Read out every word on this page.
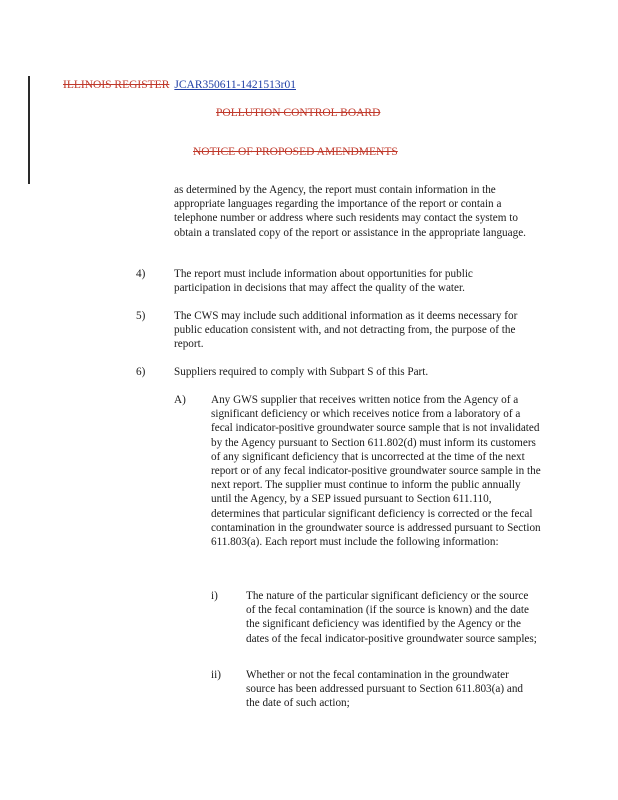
ILLINOIS REGISTER JCAR350611-1421513r01
POLLUTION CONTROL BOARD
NOTICE OF PROPOSED AMENDMENTS
as determined by the Agency, the report must contain information in the appropriate languages regarding the importance of the report or contain a telephone number or address where such residents may contact the system to obtain a translated copy of the report or assistance in the appropriate language.
4)	The report must include information about opportunities for public participation in decisions that may affect the quality of the water.
5)	The CWS may include such additional information as it deems necessary for public education consistent with, and not detracting from, the purpose of the report.
6)	Suppliers required to comply with Subpart S of this Part.
A) Any GWS supplier that receives written notice from the Agency of a significant deficiency or which receives notice from a laboratory of a fecal indicator-positive groundwater source sample that is not invalidated by the Agency pursuant to Section 611.802(d) must inform its customers of any significant deficiency that is uncorrected at the time of the next report or of any fecal indicator-positive groundwater source sample in the next report. The supplier must continue to inform the public annually until the Agency, by a SEP issued pursuant to Section 611.110, determines that particular significant deficiency is corrected or the fecal contamination in the groundwater source is addressed pursuant to Section 611.803(a). Each report must include the following information:
i)	The nature of the particular significant deficiency or the source of the fecal contamination (if the source is known) and the date the significant deficiency was identified by the Agency or the dates of the fecal indicator-positive groundwater source samples;
ii) Whether or not the fecal contamination in the groundwater source has been addressed pursuant to Section 611.803(a) and the date of such action;
